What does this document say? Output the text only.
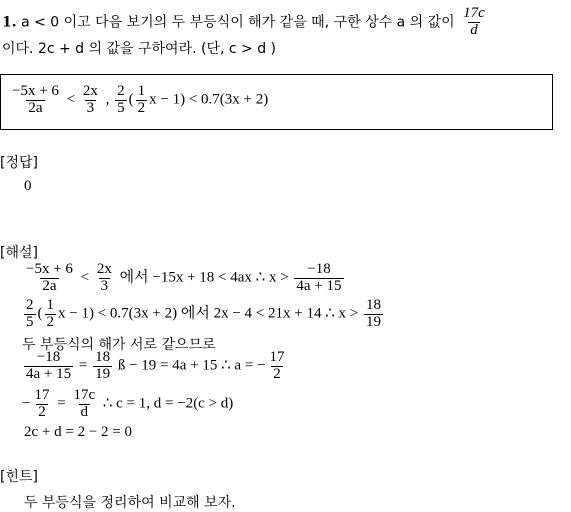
1. a < 0 이고 다음 보기의 두 부등식이 해가 같을 때, 구한 상수 a 의 값이 $\frac{17c}{d}$
이다. 2c + d 의 값을 구하여라. (단, c > d )
$\frac{-5x + 6}{2a} < \frac{2x}{3}$ , $\frac{2}{5}$ ( $\frac{1}{2}$ x − 1) < 0.7(3x + 2)
[정답]
0
[해설]
$\frac{-5x + 6}{2a} < \frac{2x}{3}$ 에서 −15x + 18 < 4ax ∴ $x > \frac{-18}{4a + 15}$
$\frac{2}{5}$ ( $\frac{1}{2}$ x − 1) < 0.7(3x + 2) 에서 2x − 4 < 21x + 14 ∴ $x > \frac{18}{19}$
두 부등식의 해가 서로 같으므로
$\frac{-18}{4a + 15} = \frac{18}{19}$ ß − 19 = 4a + 15 ∴ a = − $\frac{17}{2}$
− $\frac{17}{2} = \frac{17c}{d}$ ∴ c = 1, d = −2(c > d)
2c + d = 2 − 2 = 0
[힌트]
두 부등식을 정리하여 비교해 보자.
